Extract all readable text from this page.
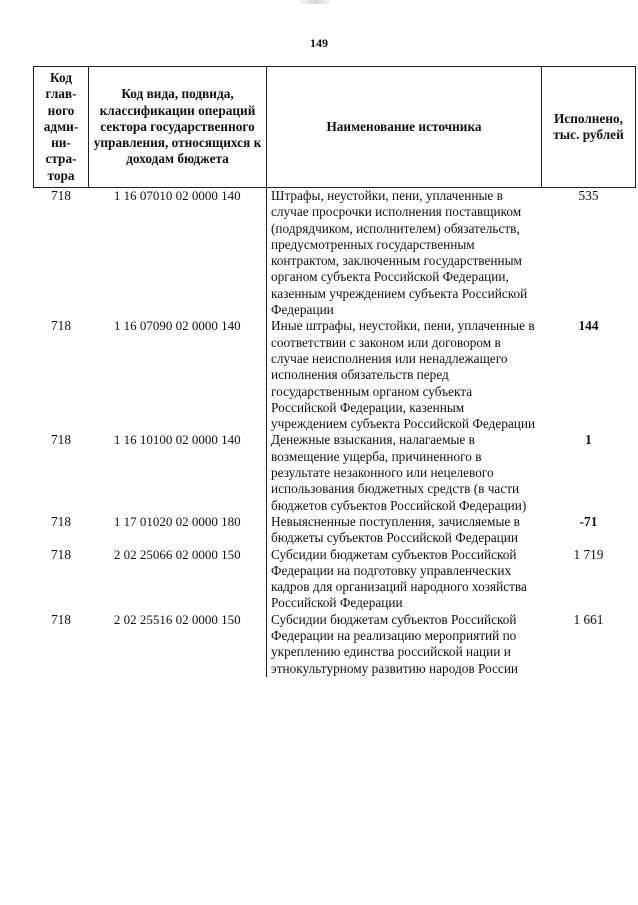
149
Код глав-ного адми-ни-стра-тора	Код вида, подвида, классификации операций сектора государственного управления, относящихся к доходам бюджета	Наименование источника	Исполнено, тыс. рублей
718	1 16 07010 02 0000 140	Штрафы, неустойки, пени, уплаченные в случае просрочки исполнения поставщиком (подрядчиком, исполнителем) обязательств, предусмотренных государственным контрактом, заключенным государственным органом субъекта Российской Федерации, казенным учреждением субъекта Российской Федерации	535
718	1 16 07090 02 0000 140	Иные штрафы, неустойки, пени, уплаченные в соответствии с законом или договором в случае неисполнения или ненадлежащего исполнения обязательств перед государственным органом субъекта Российской Федерации, казенным учреждением субъекта Российской Федерации	144
718	1 16 10100 02 0000 140	Денежные взыскания, налагаемые в возмещение ущерба, причиненного в результате незаконного или нецелевого использования бюджетных средств (в части бюджетов субъектов Российской Федерации)	1
718	1 17 01020 02 0000 180	Невыясненные поступления, зачисляемые в бюджеты субъектов Российской Федерации	-71
718	2 02 25066 02 0000 150	Субсидии бюджетам субъектов Российской Федерации на подготовку управленческих кадров для организаций народного хозяйства Российской Федерации	1 719
718	2 02 25516 02 0000 150	Субсидии бюджетам субъектов Российской Федерации на реализацию мероприятий по укреплению единства российской нации и этнокультурному развитию народов России	1 661
